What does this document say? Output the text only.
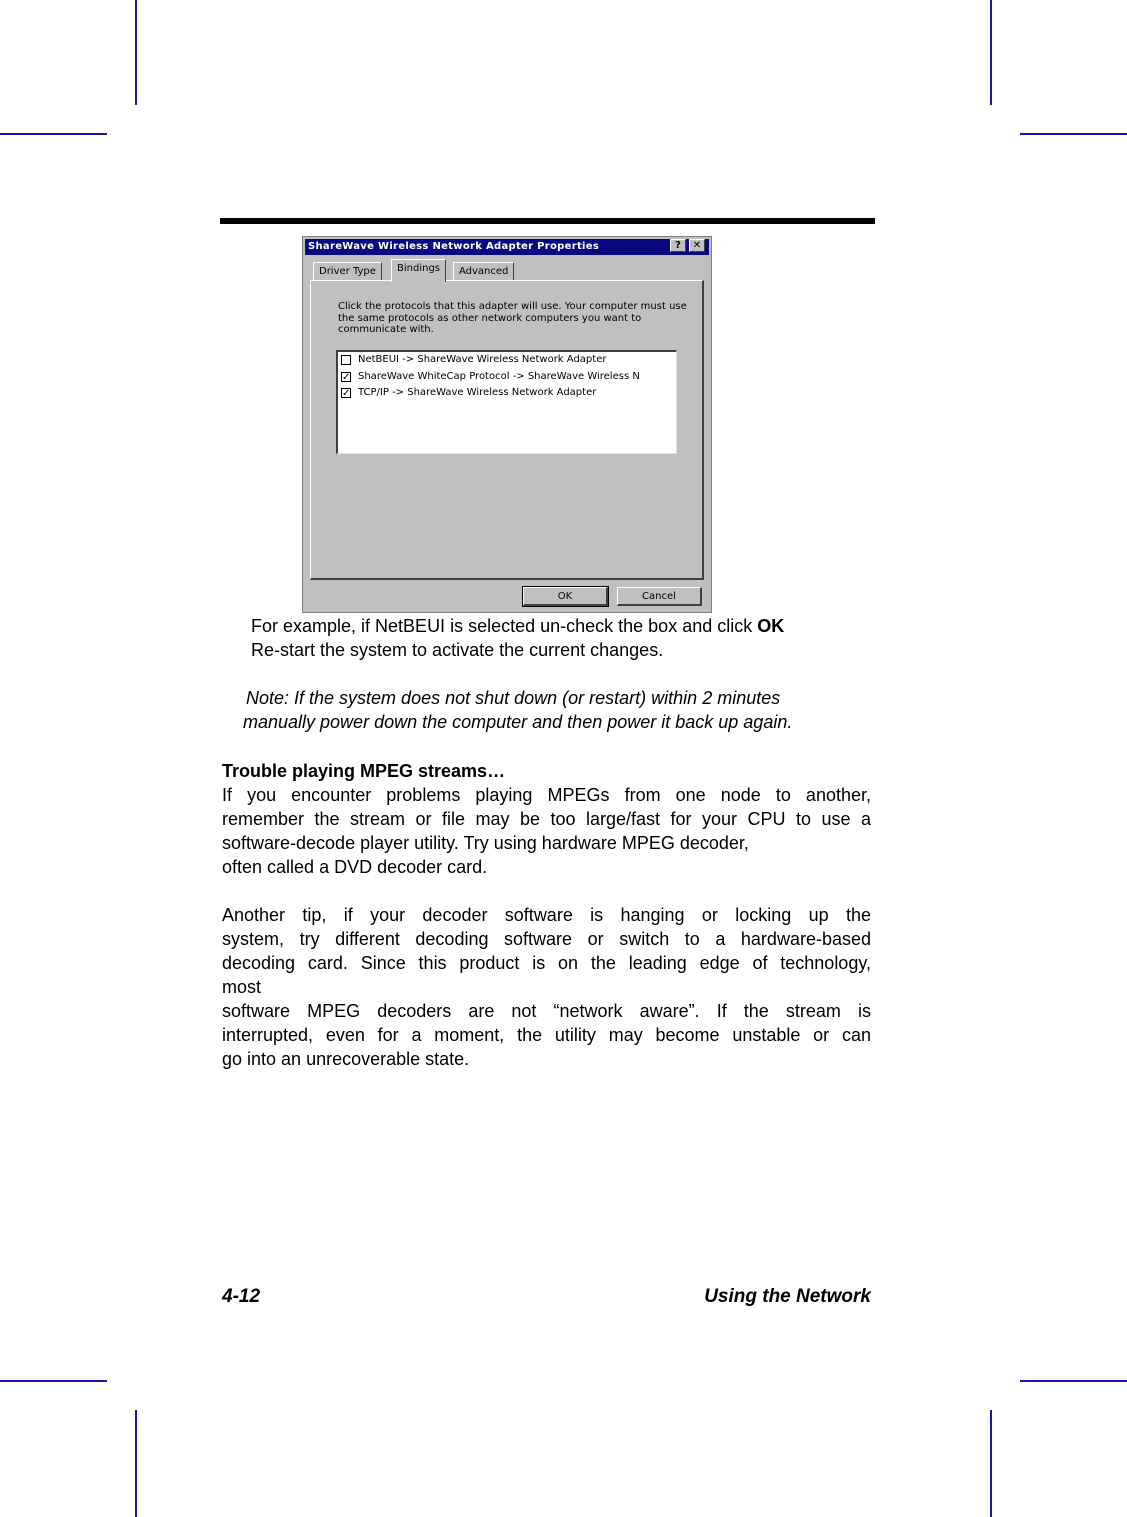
ShareWave Wireless Network Adapter Properties	?	✕
Driver Type	Bindings	Advanced
Click the protocols that this adapter will use. Your computer must use the same protocols as other network computers you want to communicate with.
NetBEUI -> ShareWave Wireless Network Adapter
✓ ShareWave WhiteCap Protocol -> ShareWave Wireless N
✓ TCP/IP -> ShareWave Wireless Network Adapter
OK	Cancel
For example, if NetBEUI is selected un-check the box and click OK
Re-start the system to activate the current changes.
Note: If the system does not shut down (or restart) within 2 minutes
manually power down the computer and then power it back up again.
Trouble playing MPEG streams…
If you encounter problems playing MPEGs from one node to another,
remember the stream or file may be too large/fast for your CPU to use a
software-decode player utility. Try using hardware MPEG decoder,
often called a DVD decoder card.
Another tip, if your decoder software is hanging or locking up the
system, try different decoding software or switch to a hardware-based
decoding card. Since this product is on the leading edge of technology,
most
software MPEG decoders are not “network aware”. If the stream is
interrupted, even for a moment, the utility may become unstable or can
go into an unrecoverable state.
4-12	Using the Network
